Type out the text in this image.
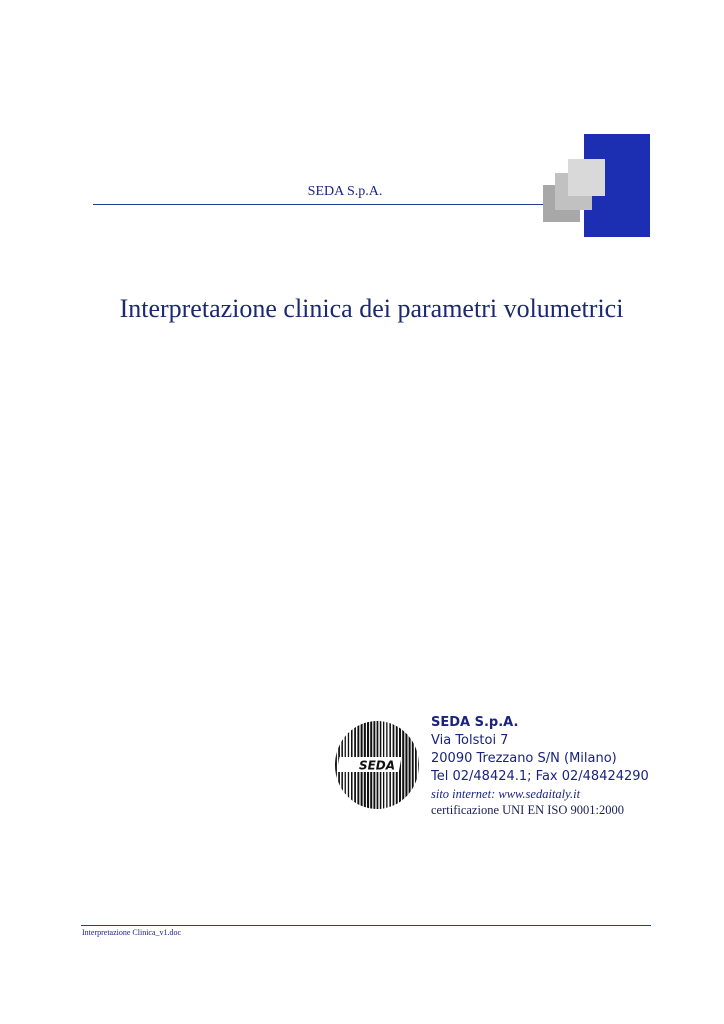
SEDA S.p.A.
Interpretazione clinica dei parametri volumetrici
SEDA
SEDA S.p.A.
Via Tolstoi 7
20090 Trezzano S/N (Milano)
Tel 02/48424.1; Fax 02/48424290
sito internet: www.sedaitaly.it
certificazione UNI EN ISO 9001:2000
Interpretazione Clinica_v1.doc
